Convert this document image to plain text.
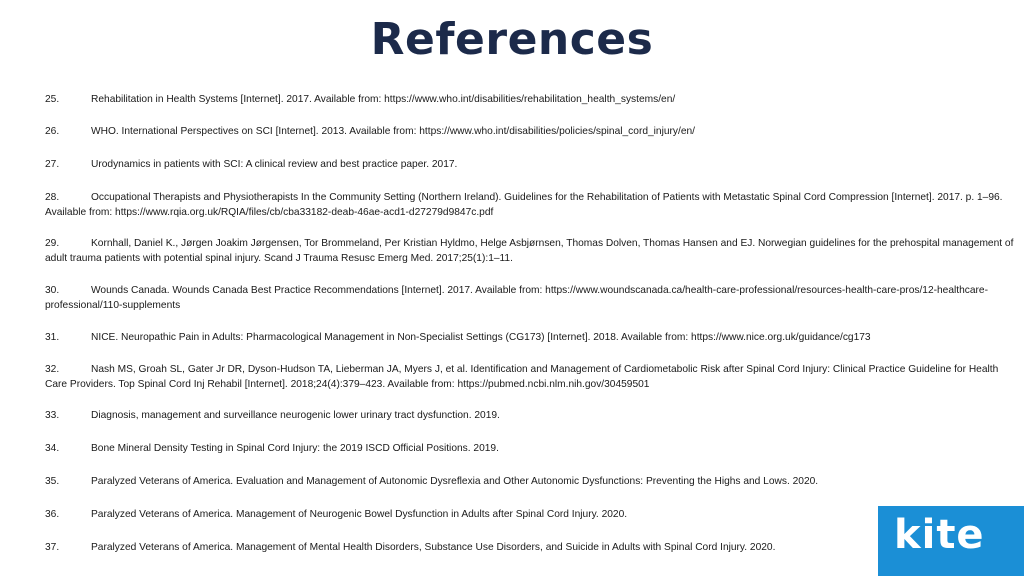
References
25.	Rehabilitation in Health Systems [Internet]. 2017. Available from: https://www.who.int/disabilities/rehabilitation_health_systems/en/
26.	WHO. International Perspectives on SCI [Internet]. 2013. Available from: https://www.who.int/disabilities/policies/spinal_cord_injury/en/
27.	Urodynamics in patients with SCI: A clinical review and best practice paper. 2017.
28.	Occupational Therapists and Physiotherapists In the Community Setting (Northern Ireland). Guidelines for the Rehabilitation of Patients with Metastatic Spinal Cord Compression [Internet]. 2017. p. 1–96. Available from: https://www.rqia.org.uk/RQIA/files/cb/cba33182-deab-46ae-acd1-d27279d9847c.pdf
29.	Kornhall, Daniel K., Jørgen Joakim Jørgensen, Tor Brommeland, Per Kristian Hyldmo, Helge Asbjørnsen, Thomas Dolven, Thomas Hansen and EJ. Norwegian guidelines for the prehospital management of adult trauma patients with potential spinal injury. Scand J Trauma Resusc Emerg Med. 2017;25(1):1–11.
30.	Wounds Canada. Wounds Canada Best Practice Recommendations [Internet]. 2017. Available from: https://www.woundscanada.ca/health-care-professional/resources-health-care-pros/12-healthcare-professional/110-supplements
31.	NICE. Neuropathic Pain in Adults: Pharmacological Management in Non-Specialist Settings (CG173) [Internet]. 2018. Available from: https://www.nice.org.uk/guidance/cg173
32.	Nash MS, Groah SL, Gater Jr DR, Dyson-Hudson TA, Lieberman JA, Myers J, et al. Identification and Management of Cardiometabolic Risk after Spinal Cord Injury: Clinical Practice Guideline for Health Care Providers. Top Spinal Cord Inj Rehabil [Internet]. 2018;24(4):379–423. Available from: https://pubmed.ncbi.nlm.nih.gov/30459501
33.	Diagnosis, management and surveillance neurogenic lower urinary tract dysfunction. 2019.
34.	Bone Mineral Density Testing in Spinal Cord Injury: the 2019 ISCD Official Positions. 2019.
35.	Paralyzed Veterans of America. Evaluation and Management of Autonomic Dysreflexia and Other Autonomic Dysfunctions: Preventing the Highs and Lows. 2020.
36.	Paralyzed Veterans of America. Management of Neurogenic Bowel Dysfunction in Adults after Spinal Cord Injury. 2020.	kite
37.	Paralyzed Veterans of America. Management of Mental Health Disorders, Substance Use Disorders, and Suicide in Adults with Spinal Cord Injury. 2020.
